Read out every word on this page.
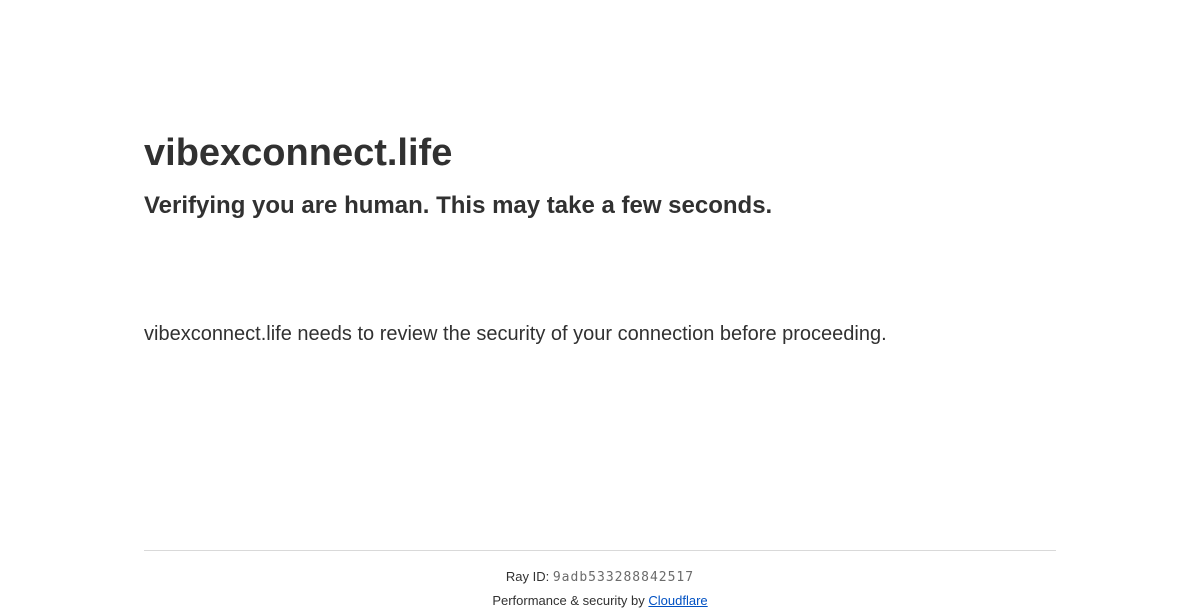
vibexconnect.life
Verifying you are human. This may take a few seconds.

vibexconnect.life needs to review the security of your connection before proceeding.

Ray ID: 9adb533288842517

Performance & security by Cloudflare
